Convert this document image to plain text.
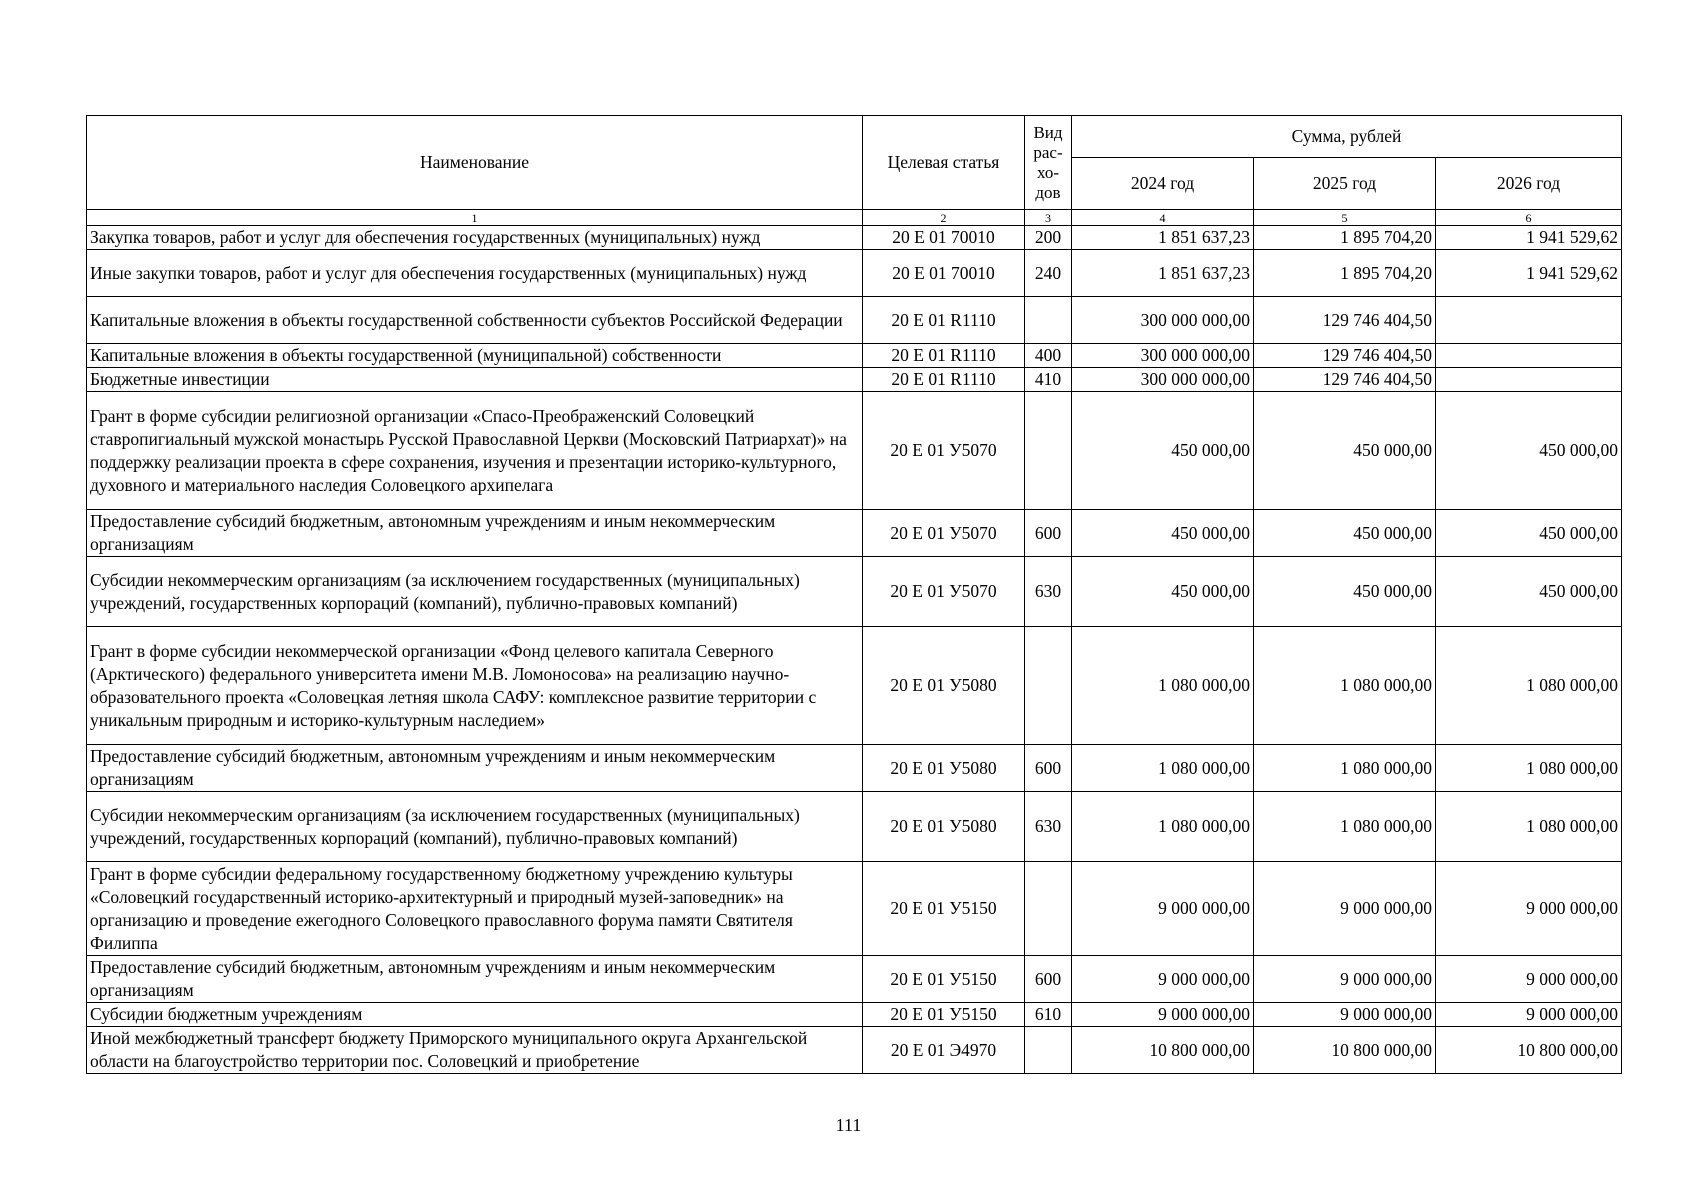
Наименование	Целевая статья	Вид рас-хо-дов	Сумма, рублей		
			2024 год	2025 год	2026 год
1	2	3	4	5	6
Закупка товаров, работ и услуг для обеспечения государственных (муниципальных) нужд	20 Е 01 70010	200	1 851 637,23	1 895 704,20	1 941 529,62
Иные закупки товаров, работ и услуг для обеспечения государственных (муниципальных) нужд	20 Е 01 70010	240	1 851 637,23	1 895 704,20	1 941 529,62
Капитальные вложения в объекты государственной собственности субъектов Российской Федерации	20 Е 01 R1110		300 000 000,00	129 746 404,50	
Капитальные вложения в объекты государственной (муниципальной) собственности	20 Е 01 R1110	400	300 000 000,00	129 746 404,50	
Бюджетные инвестиции	20 Е 01 R1110	410	300 000 000,00	129 746 404,50	
Грант в форме субсидии религиозной организации «Спасо-Преображенский Соловецкий ставропигиальный мужской монастырь Русской Православной Церкви (Московский Патриархат)» на поддержку реализации проекта в сфере сохранения, изучения и презентации историко-культурного, духовного и материального наследия Соловецкого архипелага	20 Е 01 У5070		450 000,00	450 000,00	450 000,00
Предоставление субсидий бюджетным, автономным учреждениям и иным некоммерческим организациям	20 Е 01 У5070	600	450 000,00	450 000,00	450 000,00
Субсидии некоммерческим организациям (за исключением государственных (муниципальных) учреждений, государственных корпораций (компаний), публично-правовых компаний)	20 Е 01 У5070	630	450 000,00	450 000,00	450 000,00
Грант в форме субсидии некоммерческой организации «Фонд целевого капитала Северного (Арктического) федерального университета имени М.В. Ломоносова» на реализацию научно-образовательного проекта «Соловецкая летняя школа САФУ: комплексное развитие территории с уникальным природным и историко-культурным наследием»	20 Е 01 У5080		1 080 000,00	1 080 000,00	1 080 000,00
Предоставление субсидий бюджетным, автономным учреждениям и иным некоммерческим организациям	20 Е 01 У5080	600	1 080 000,00	1 080 000,00	1 080 000,00
Субсидии некоммерческим организациям (за исключением государственных (муниципальных) учреждений, государственных корпораций (компаний), публично-правовых компаний)	20 Е 01 У5080	630	1 080 000,00	1 080 000,00	1 080 000,00
Грант в форме субсидии федеральному государственному бюджетному учреждению культуры «Соловецкий государственный историко-архитектурный и природный музей-заповедник» на организацию и проведение ежегодного Соловецкого православного форума памяти Святителя Филиппа	20 Е 01 У5150		9 000 000,00	9 000 000,00	9 000 000,00
Предоставление субсидий бюджетным, автономным учреждениям и иным некоммерческим организациям	20 Е 01 У5150	600	9 000 000,00	9 000 000,00	9 000 000,00
Субсидии бюджетным учреждениям	20 Е 01 У5150	610	9 000 000,00	9 000 000,00	9 000 000,00
Иной межбюджетный трансферт бюджету Приморского муниципального округа Архангельской области на благоустройство территории пос. Соловецкий и приобретение	20 Е 01 Э4970		10 800 000,00	10 800 000,00	10 800 000,00
111
